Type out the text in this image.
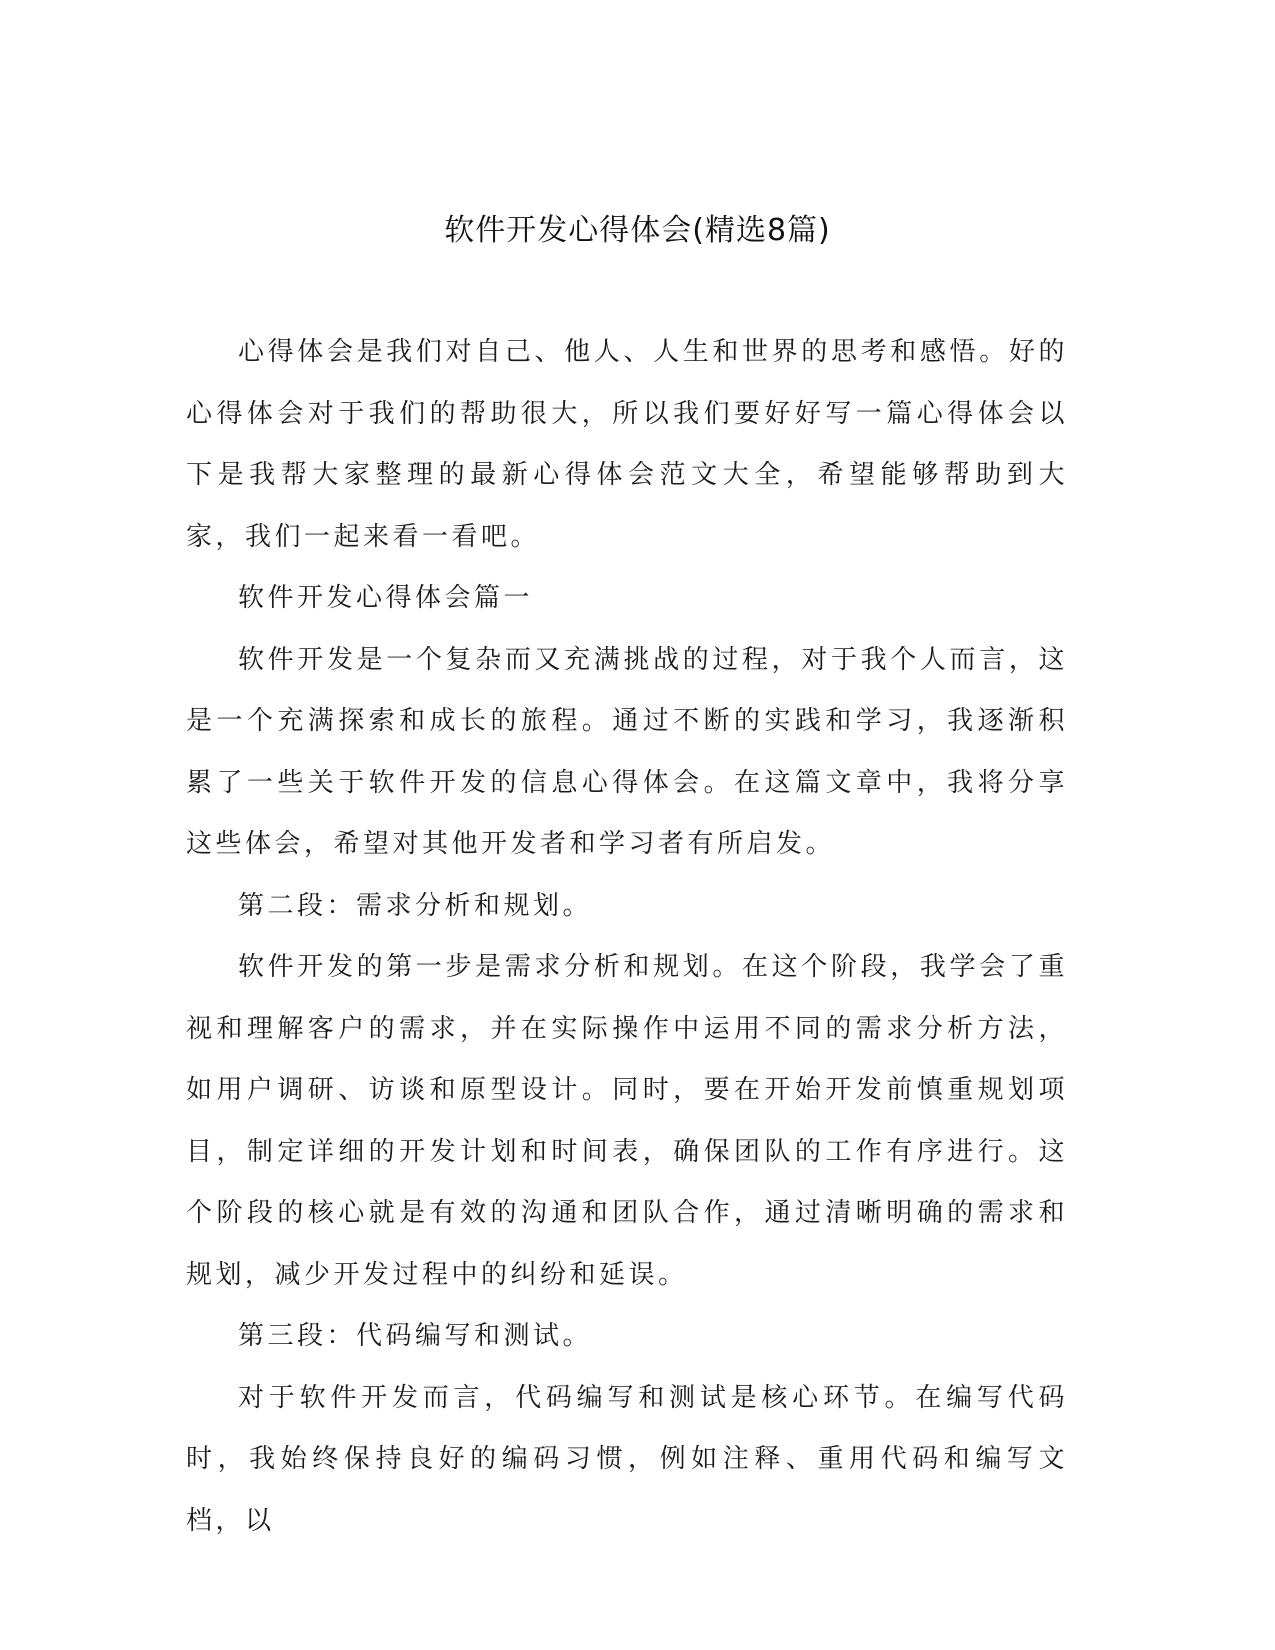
软件开发心得体会(精选8篇)

心得体会是我们对自己、他人、人生和世界的思考和感悟。好的心得体会对于我们的帮助很大，所以我们要好好写一篇心得体会以下是我帮大家整理的最新心得体会范文大全，希望能够帮助到大家，我们一起来看一看吧。

软件开发心得体会篇一

软件开发是一个复杂而又充满挑战的过程，对于我个人而言，这是一个充满探索和成长的旅程。通过不断的实践和学习，我逐渐积累了一些关于软件开发的信息心得体会。在这篇文章中，我将分享这些体会，希望对其他开发者和学习者有所启发。

第二段：需求分析和规划。

软件开发的第一步是需求分析和规划。在这个阶段，我学会了重视和理解客户的需求，并在实际操作中运用不同的需求分析方法，如用户调研、访谈和原型设计。同时，要在开始开发前慎重规划项目，制定详细的开发计划和时间表，确保团队的工作有序进行。这个阶段的核心就是有效的沟通和团队合作，通过清晰明确的需求和规划，减少开发过程中的纠纷和延误。

第三段：代码编写和测试。

对于软件开发而言，代码编写和测试是核心环节。在编写代码时，我始终保持良好的编码习惯，例如注释、重用代码和编写文档，以
